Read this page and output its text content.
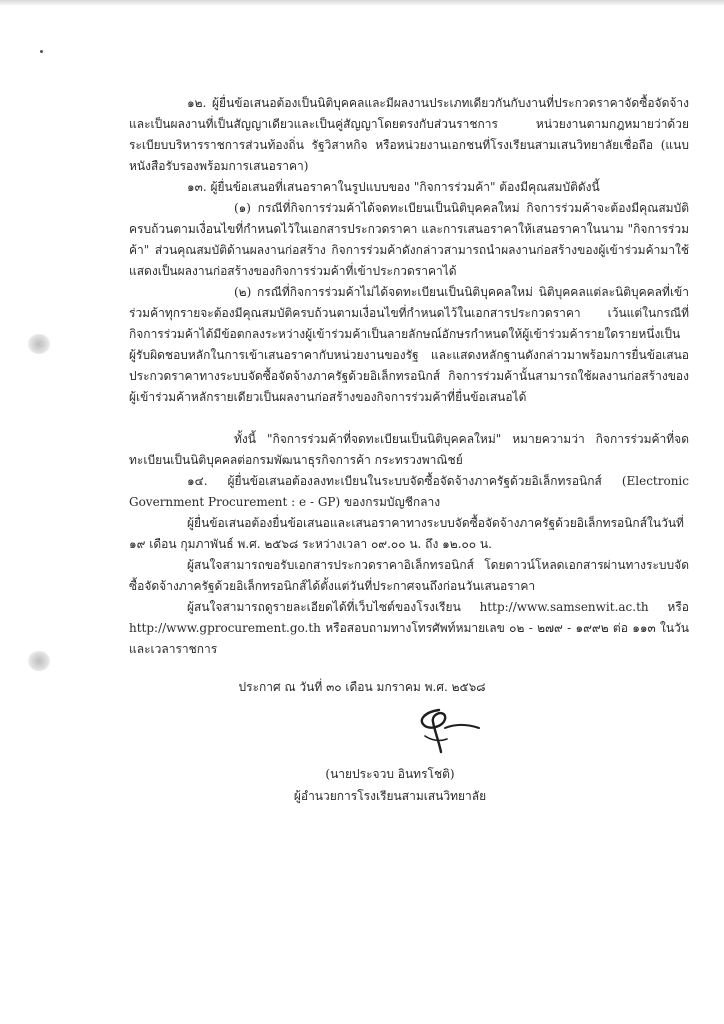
๑๒. ผู้ยื่นข้อเสนอต้องเป็นนิติบุคคลและมีผลงานประเภทเดียวกันกับงานที่ประกวดราคาจัดซื้อจัดจ้าง และเป็นผลงานที่เป็นสัญญาเดียวและเป็นคู่สัญญาโดยตรงกับส่วนราชการ หน่วยงานตามกฎหมายว่าด้วยระเบียบบริหารราชการส่วนท้องถิ่น รัฐวิสาหกิจ หรือหน่วยงานเอกชนที่โรงเรียนสามเสนวิทยาลัยเชื่อถือ (แนบหนังสือรับรองพร้อมการเสนอราคา)

๑๓. ผู้ยื่นข้อเสนอที่เสนอราคาในรูปแบบของ "กิจการร่วมค้า" ต้องมีคุณสมบัติดังนี้

(๑) กรณีที่กิจการร่วมค้าได้จดทะเบียนเป็นนิติบุคคลใหม่ กิจการร่วมค้าจะต้องมีคุณสมบัติครบถ้วนตามเงื่อนไขที่กำหนดไว้ในเอกสารประกวดราคา และการเสนอราคาให้เสนอราคาในนาม "กิจการร่วมค้า" ส่วนคุณสมบัติด้านผลงานก่อสร้าง กิจการร่วมค้าดังกล่าวสามารถนำผลงานก่อสร้างของผู้เข้าร่วมค้ามาใช้แสดงเป็นผลงานก่อสร้างของกิจการร่วมค้าที่เข้าประกวดราคาได้

(๒) กรณีที่กิจการร่วมค้าไม่ได้จดทะเบียนเป็นนิติบุคคลใหม่ นิติบุคคลแต่ละนิติบุคคลที่เข้าร่วมค้าทุกรายจะต้องมีคุณสมบัติครบถ้วนตามเงื่อนไขที่กำหนดไว้ในเอกสารประกวดราคา เว้นแต่ในกรณีที่กิจการร่วมค้าได้มีข้อตกลงระหว่างผู้เข้าร่วมค้าเป็นลายลักษณ์อักษรกำหนดให้ผู้เข้าร่วมค้ารายใดรายหนึ่งเป็นผู้รับผิดชอบหลักในการเข้าเสนอราคากับหน่วยงานของรัฐ และแสดงหลักฐานดังกล่าวมาพร้อมการยื่นข้อเสนอประกวดราคาทางระบบจัดซื้อจัดจ้างภาครัฐด้วยอิเล็กทรอนิกส์ กิจการร่วมค้านั้นสามารถใช้ผลงานก่อสร้างของผู้เข้าร่วมค้าหลักรายเดียวเป็นผลงานก่อสร้างของกิจการร่วมค้าที่ยื่นข้อเสนอได้

ทั้งนี้ "กิจการร่วมค้าที่จดทะเบียนเป็นนิติบุคคลใหม่" หมายความว่า กิจการร่วมค้าที่จดทะเบียนเป็นนิติบุคคลต่อกรมพัฒนาธุรกิจการค้า กระทรวงพาณิชย์

๑๔. ผู้ยื่นข้อเสนอต้องลงทะเบียนในระบบจัดซื้อจัดจ้างภาครัฐด้วยอิเล็กทรอนิกส์ (Electronic Government Procurement : e - GP) ของกรมบัญชีกลาง

ผู้ยื่นข้อเสนอต้องยื่นข้อเสนอและเสนอราคาทางระบบจัดซื้อจัดจ้างภาครัฐด้วยอิเล็กทรอนิกส์ในวันที่ ๑๙ เดือน กุมภาพันธ์ พ.ศ. ๒๕๖๘ ระหว่างเวลา ๐๙.๐๐ น. ถึง ๑๒.๐๐ น.

ผู้สนใจสามารถขอรับเอกสารประกวดราคาอิเล็กทรอนิกส์ โดยดาวน์โหลดเอกสารผ่านทางระบบจัดซื้อจัดจ้างภาครัฐด้วยอิเล็กทรอนิกส์ได้ตั้งแต่วันที่ประกาศจนถึงก่อนวันเสนอราคา

ผู้สนใจสามารถดูรายละเอียดได้ที่เว็บไซต์ของโรงเรียน http://www.samsenwit.ac.th หรือ http://www.gprocurement.go.th หรือสอบถามทางโทรศัพท์หมายเลข ๐๒ - ๒๗๙ - ๑๙๙๒ ต่อ ๑๑๓ ในวันและเวลาราชการ

ประกาศ ณ วันที่ ๓๐ เดือน มกราคม พ.ศ. ๒๕๖๘

(นายประจวบ อินทรโชติ)

ผู้อำนวยการโรงเรียนสามเสนวิทยาลัย
